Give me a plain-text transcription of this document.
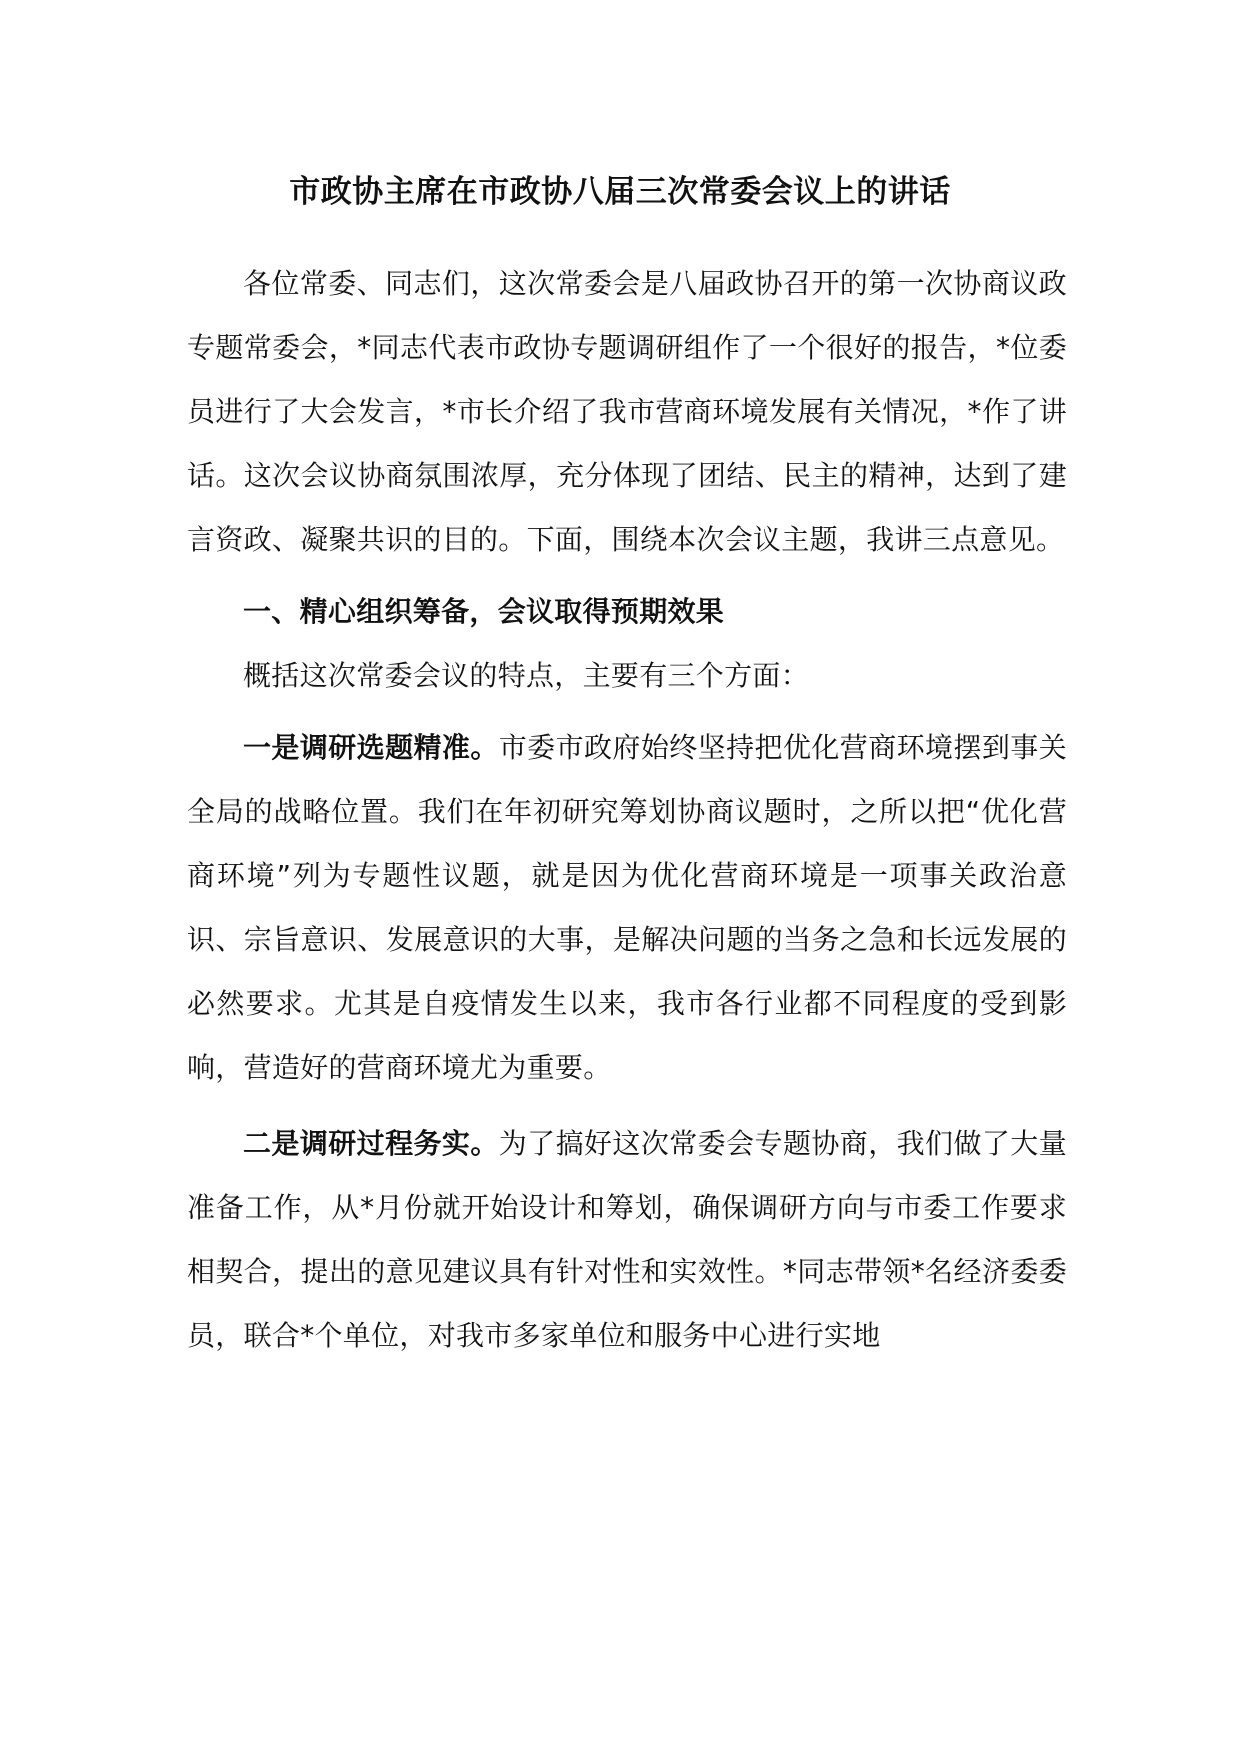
市政协主席在市政协八届三次常委会议上的讲话

各位常委、同志们，这次常委会是八届政协召开的第一次协商议政专题常委会，*同志代表市政协专题调研组作了一个很好的报告，*位委员进行了大会发言，*市长介绍了我市营商环境发展有关情况，*作了讲话。这次会议协商氛围浓厚，充分体现了团结、民主的精神，达到了建言资政、凝聚共识的目的。下面，围绕本次会议主题，我讲三点意见。

一、精心组织筹备，会议取得预期效果

概括这次常委会议的特点，主要有三个方面：

一是调研选题精准。市委市政府始终坚持把优化营商环境摆到事关全局的战略位置。我们在年初研究筹划协商议题时，之所以把“优化营商环境”列为专题性议题，就是因为优化营商环境是一项事关政治意识、宗旨意识、发展意识的大事，是解决问题的当务之急和长远发展的必然要求。尤其是自疫情发生以来，我市各行业都不同程度的受到影响，营造好的营商环境尤为重要。

二是调研过程务实。为了搞好这次常委会专题协商，我们做了大量准备工作，从*月份就开始设计和筹划，确保调研方向与市委工作要求相契合，提出的意见建议具有针对性和实效性。*同志带领*名经济委委员，联合*个单位，对我市多家单位和服务中心进行实地
